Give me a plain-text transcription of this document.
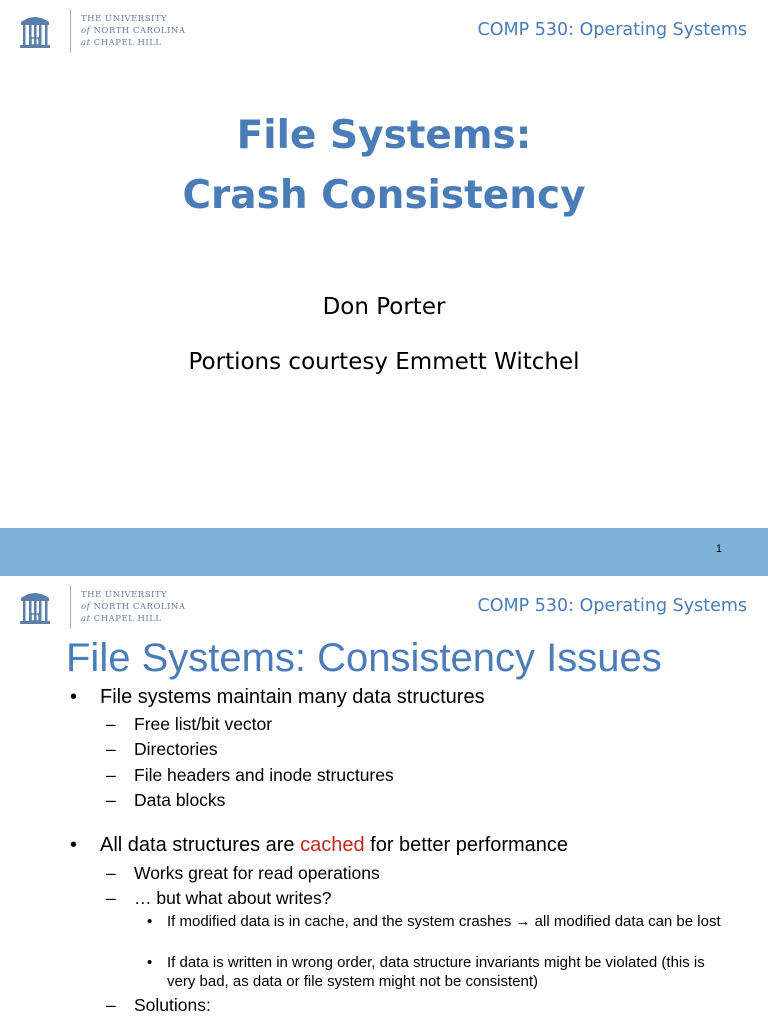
THE UNIVERSITY
of NORTH CAROLINA
at CHAPEL HILL
COMP 530: Operating Systems
File Systems:
Crash Consistency
Don Porter
Portions courtesy Emmett Witchel
1
THE UNIVERSITY
of NORTH CAROLINA
at CHAPEL HILL
COMP 530: Operating Systems
File Systems: Consistency Issues
• File systems maintain many data structures
– Free list/bit vector
– Directories
– File headers and inode structures
– Data blocks
• All data structures are cached for better performance
– Works great for read operations
– … but what about writes?
• If modified data is in cache, and the system crashes → all modified data can be lost
• If data is written in wrong order, data structure invariants might be violated (this is very bad, as data or file system might not be consistent)
– Solutions:
